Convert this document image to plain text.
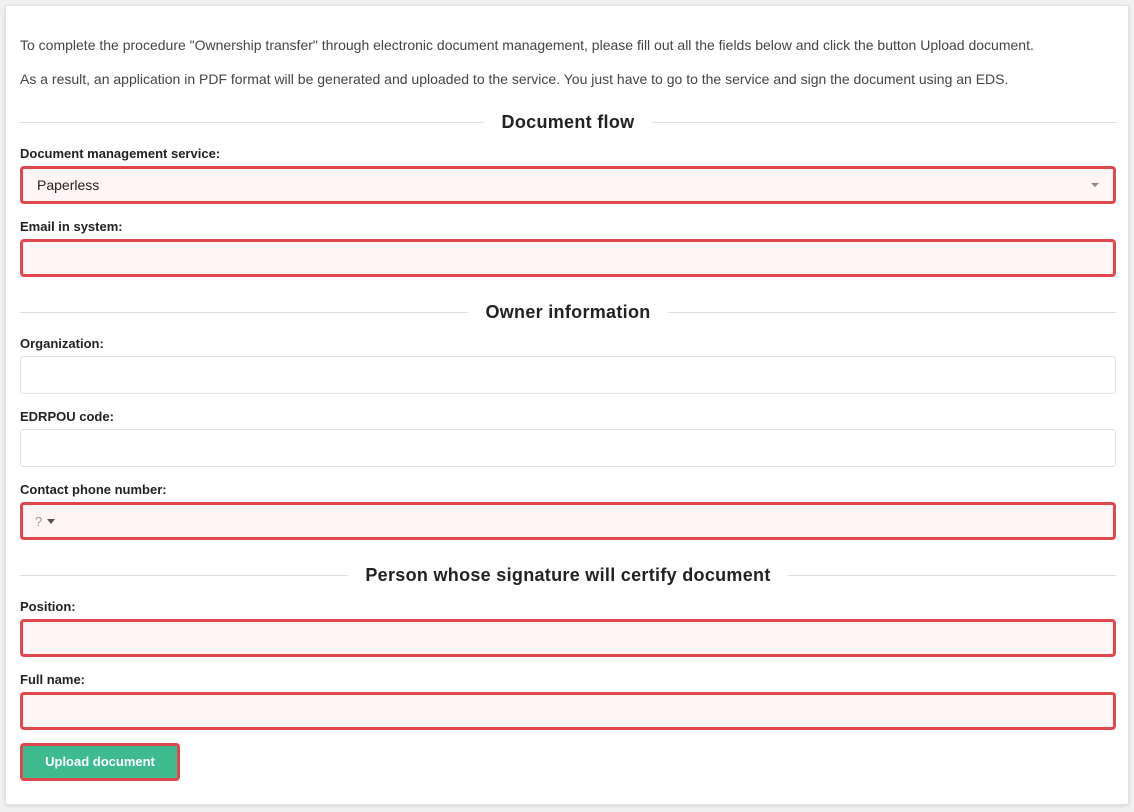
To complete the procedure "Ownership transfer" through electronic document management, please fill out all the fields below and click the button Upload document.

As a result, an application in PDF format will be generated and uploaded to the service. You just have to go to the service and sign the document using an EDS.

Document flow
Document management service:
Paperless
Email in system:
Owner information
Organization:
EDRPOU code:
Contact phone number:
?
Person whose signature will certify document
Position:
Full name:
Upload document
